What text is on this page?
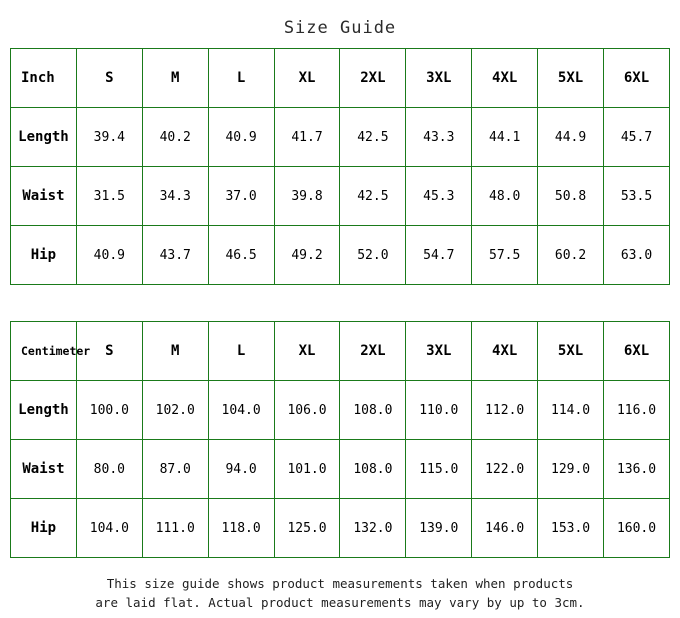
Size Guide
Inch	S	M	L	XL	2XL	3XL	4XL	5XL	6XL
Length	39.4	40.2	40.9	41.7	42.5	43.3	44.1	44.9	45.7
Waist	31.5	34.3	37.0	39.8	42.5	45.3	48.0	50.8	53.5
Hip	40.9	43.7	46.5	49.2	52.0	54.7	57.5	60.2	63.0
Centimeter	S	M	L	XL	2XL	3XL	4XL	5XL	6XL
Length	100.0	102.0	104.0	106.0	108.0	110.0	112.0	114.0	116.0
Waist	80.0	87.0	94.0	101.0	108.0	115.0	122.0	129.0	136.0
Hip	104.0	111.0	118.0	125.0	132.0	139.0	146.0	153.0	160.0
This size guide shows product measurements taken when products
are laid flat. Actual product measurements may vary by up to 3cm.
